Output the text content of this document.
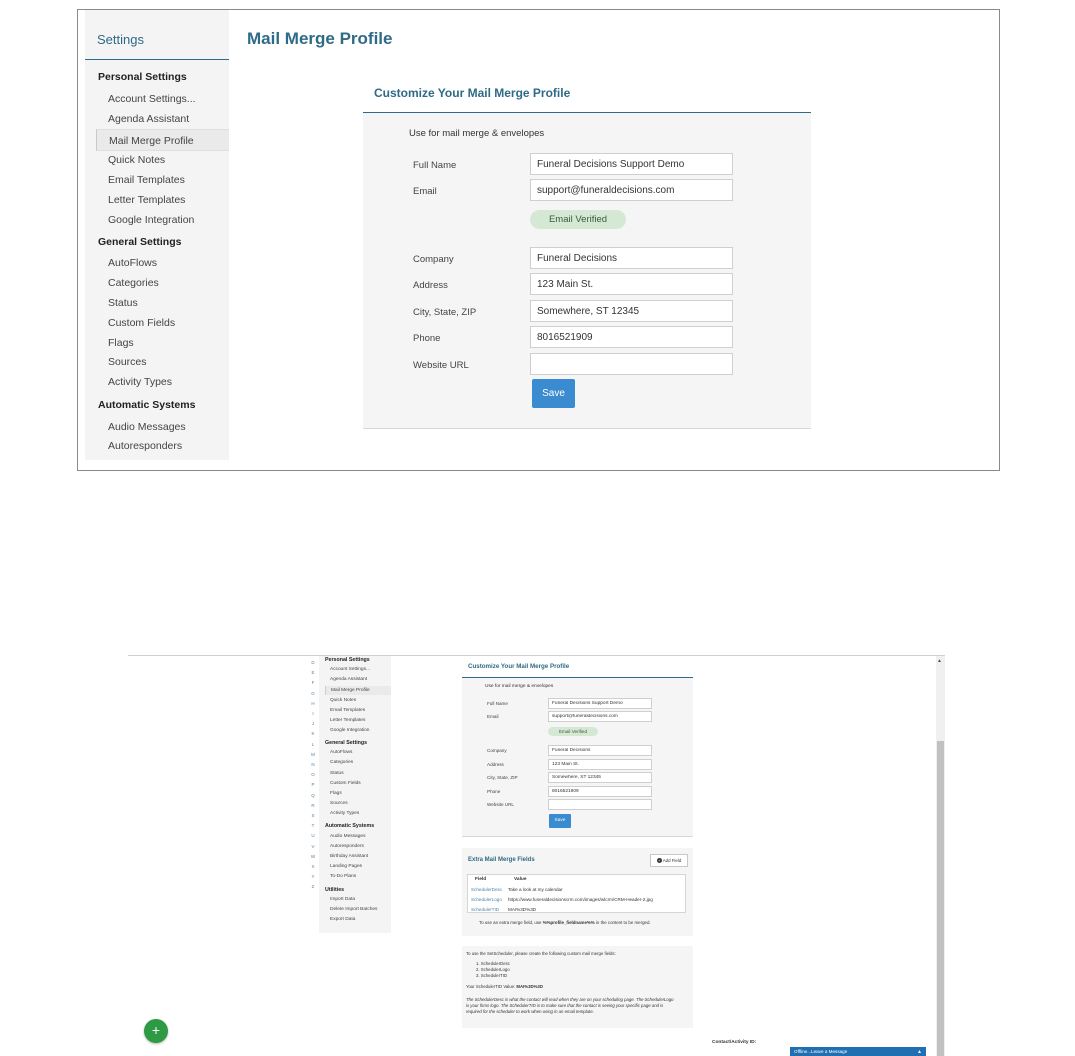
Settings
Personal Settings
Account Settings...
Agenda Assistant
Mail Merge Profile
Quick Notes
Email Templates
Letter Templates
Google Integration
General Settings
AutoFlows
Categories
Status
Custom Fields
Flags
Sources
Activity Types
Automatic Systems
Audio Messages
Autoresponders
Mail Merge Profile
Customize Your Mail Merge Profile
Use for mail merge & envelopes
Full Name
Funeral Decisions Support Demo
Email
support@funeraldecisions.com
Email Verified
Company
Funeral Decisions
Address
123 Main St.
City, State, ZIP
Somewhere, ST 12345
Phone
8016521909
Website URL
Save
D
E
F
G
H
I
J
K
L
M
N
O
P
Q
R
S
T
U
V
W
X
Y
Z
Personal Settings
Account Settings...
Agenda Assistant
Mail Merge Profile
Quick Notes
Email Templates
Letter Templates
Google Integration
General Settings
AutoFlows
Categories
Status
Custom Fields
Flags
Sources
Activity Types
Automatic Systems
Audio Messages
Autoresponders
Birthday Assistant
Landing Pages
To-Do Plans
Utilities
Import Data
Delete Import Batches
Export Data
Customize Your Mail Merge Profile
Use for mail merge & envelopes
Full Name
Funeral Decisions Support Demo
Email
support@funeraldecisions.com
Email Verified
Company
Funeral Decisions
Address
123 Main St.
City, State, ZIP
Somewhere, ST 12345
Phone
8016521909
Website URL
Save
Extra Mail Merge Fields	+ Add Field
Field	Value
SchedulerDesc Take a look at my calendar
SchedulerLogo https://www.funeraldecisionscrm.com/images/wlcrm/CRM-Header-2.jpg
SchedulerTID MAI%3D%3D
To use an extra merge field, use %%profile_fieldname%% in the content to be merged.
To use the SetScheduler, please create the following custom mail merge fields:
1. SchedulerDesc
2. SchedulerLogo
3. SchedulerTID
Your SchedulerTID Value: MAI%3D%3D
The SchedulerDesc is what the contact will read when they are on your scheduling page. The SchedulerLogo
is your firms logo. The SchedulerTID is to make sure that the contact is seeing your specific page and is
required for the scheduler to work when using in an email template.
Contact/Activity ID:
Offline...Leave a Message	▲
▲
+
